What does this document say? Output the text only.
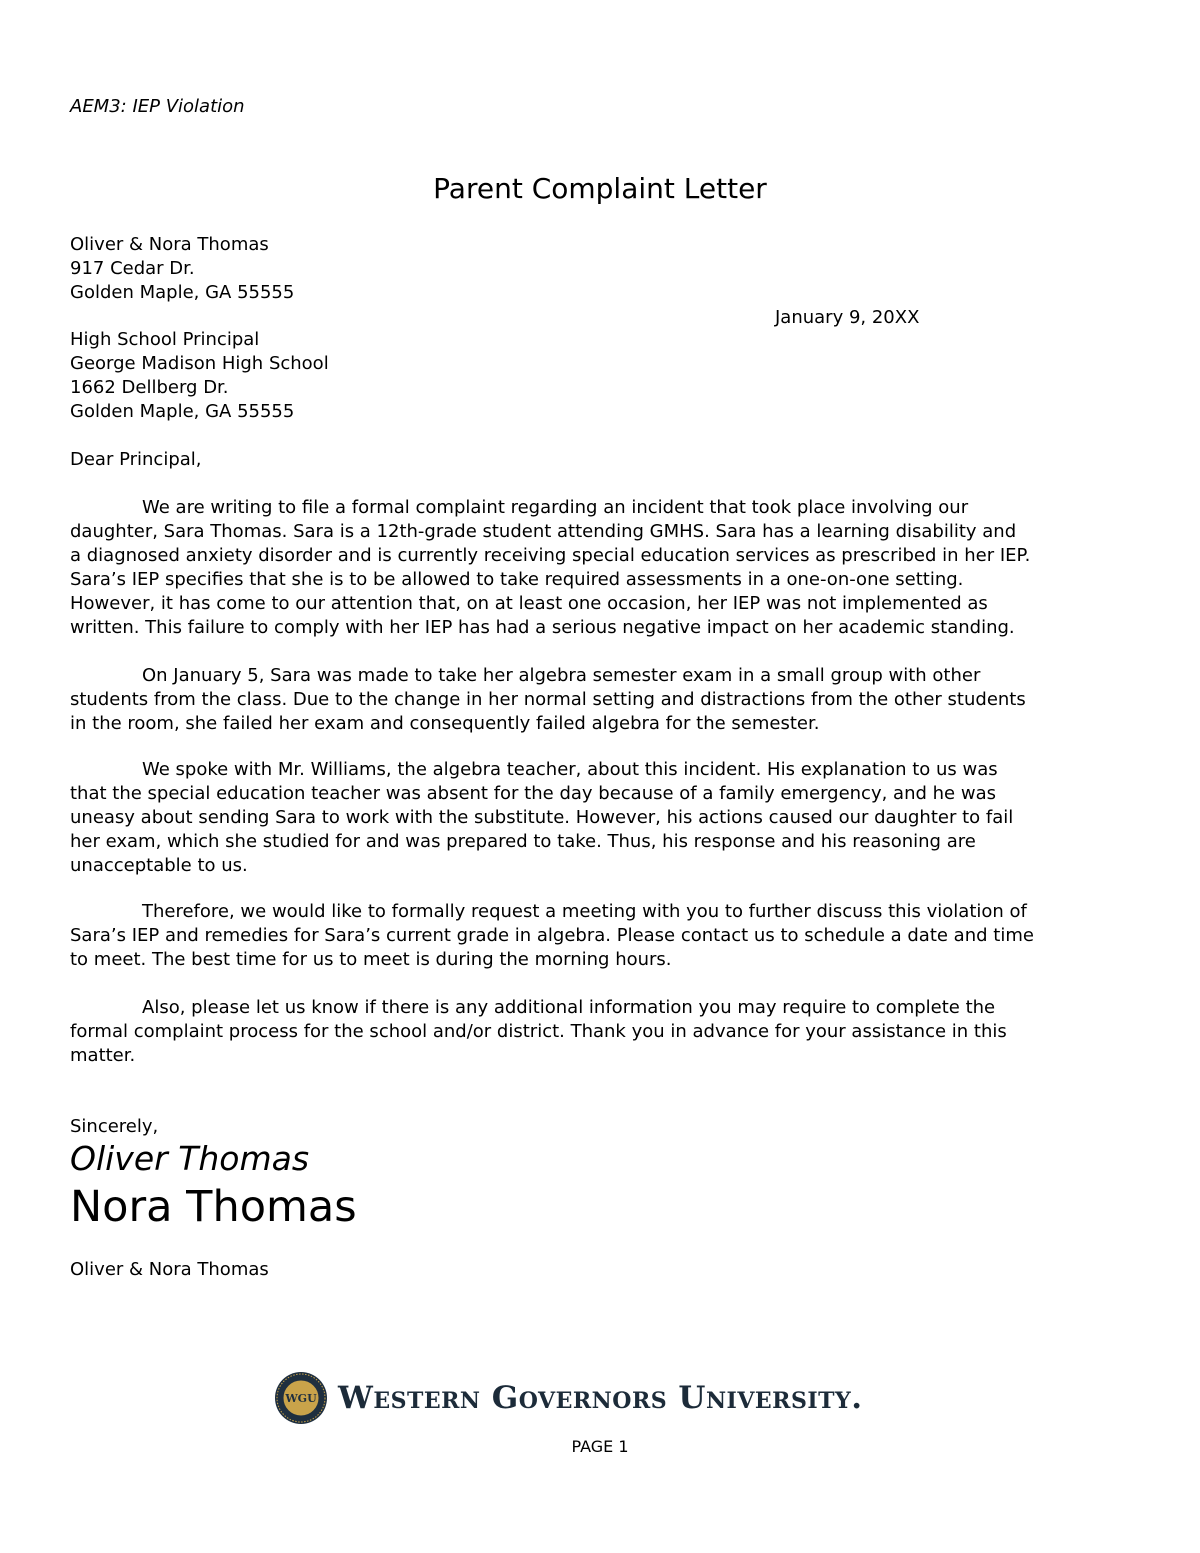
AEM3: IEP Violation
Parent Complaint Letter
Oliver & Nora Thomas
917 Cedar Dr.
Golden Maple, GA 55555
January 9, 20XX
High School Principal
George Madison High School
1662 Dellberg Dr.
Golden Maple, GA 55555
Dear Principal,
We are writing to file a formal complaint regarding an incident that took place involving our
daughter, Sara Thomas. Sara is a 12th-grade student attending GMHS. Sara has a learning disability and
a diagnosed anxiety disorder and is currently receiving special education services as prescribed in her IEP.
Sara’s IEP specifies that she is to be allowed to take required assessments in a one-on-one setting.
However, it has come to our attention that, on at least one occasion, her IEP was not implemented as
written. This failure to comply with her IEP has had a serious negative impact on her academic standing.
On January 5, Sara was made to take her algebra semester exam in a small group with other
students from the class. Due to the change in her normal setting and distractions from the other students
in the room, she failed her exam and consequently failed algebra for the semester.
We spoke with Mr. Williams, the algebra teacher, about this incident. His explanation to us was
that the special education teacher was absent for the day because of a family emergency, and he was
uneasy about sending Sara to work with the substitute. However, his actions caused our daughter to fail
her exam, which she studied for and was prepared to take. Thus, his response and his reasoning are
unacceptable to us.
Therefore, we would like to formally request a meeting with you to further discuss this violation of
Sara’s IEP and remedies for Sara’s current grade in algebra. Please contact us to schedule a date and time
to meet. The best time for us to meet is during the morning hours.
Also, please let us know if there is any additional information you may require to complete the
formal complaint process for the school and/or district. Thank you in advance for your assistance in this
matter.
Sincerely,
Oliver Thomas
Nora Thomas
Oliver & Nora Thomas
WGU Western Governors University.
PAGE 1
